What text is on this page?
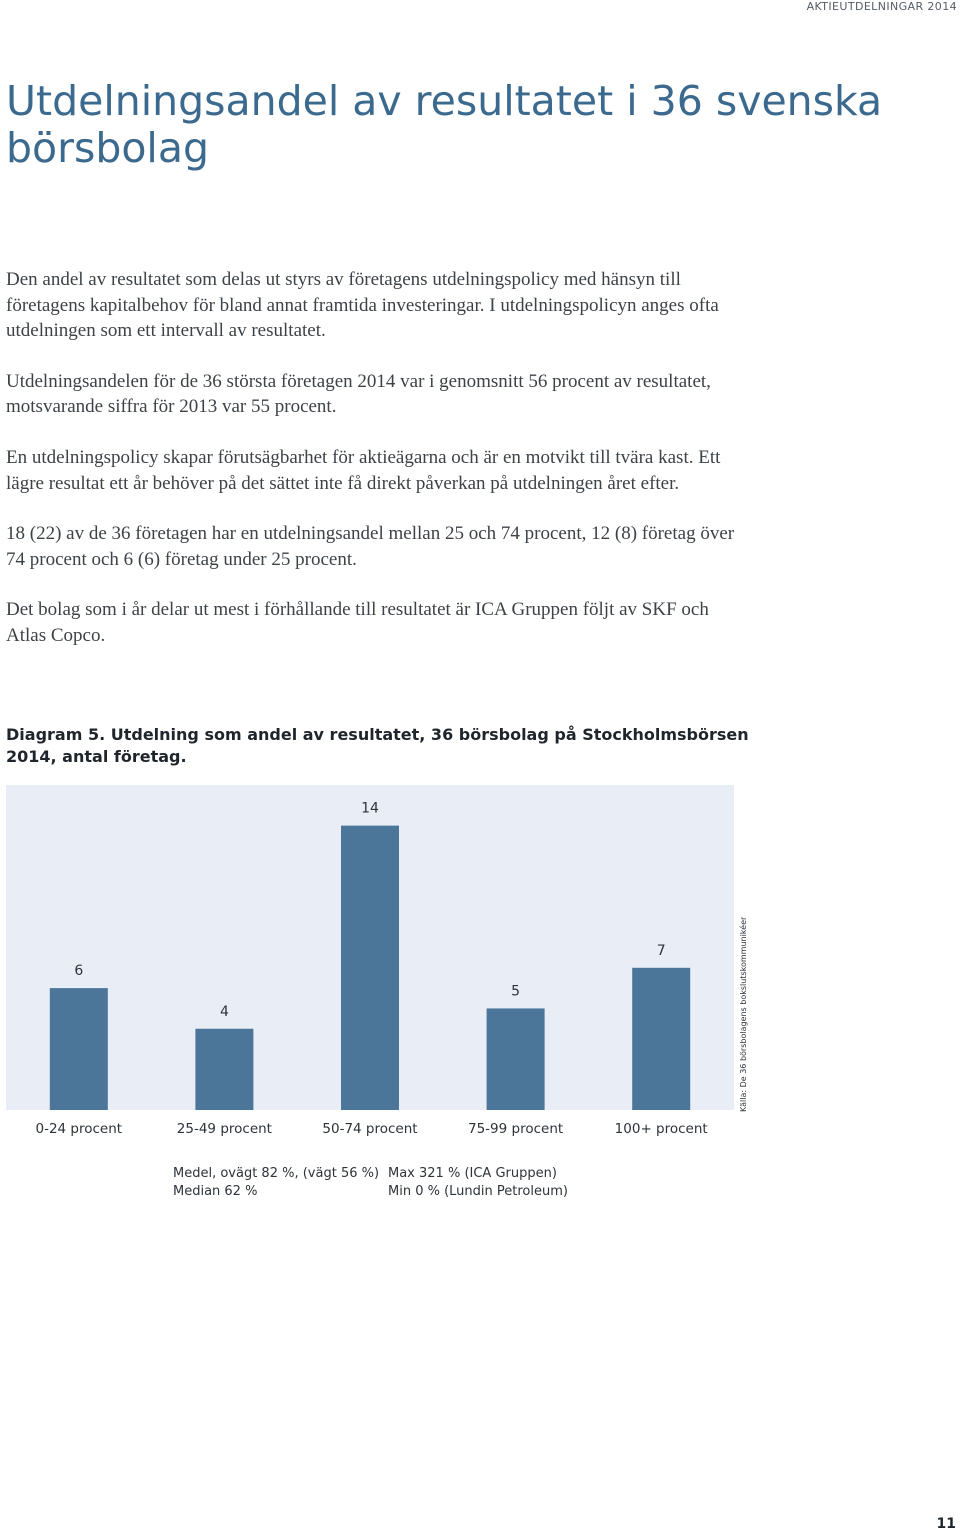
AKTIEUTDELNINGAR 2014
Utdelningsandel av resultatet i 36 svenska börsbolag

Den andel av resultatet som delas ut styrs av företagens utdelningspolicy med hänsyn till företagens kapitalbehov för bland annat framtida investeringar. I utdelningspolicyn anges ofta utdelningen som ett intervall av resultatet.

Utdelningsandelen för de 36 största företagen 2014 var i genomsnitt 56 procent av resultatet, motsvarande siffra för 2013 var 55 procent.

En utdelningspolicy skapar förutsägbarhet för aktieägarna och är en motvikt till tvära kast. Ett lägre resultat ett år behöver på det sättet inte få direkt påverkan på utdelningen året efter.

18 (22) av de 36 företagen har en utdelningsandel mellan 25 och 74 procent, 12 (8) företag över 74 procent och 6 (6) företag under 25 procent.

Det bolag som i år delar ut mest i förhållande till resultatet är ICA Gruppen följt av SKF och Atlas Copco.

Diagram 5. Utdelning som andel av resultatet, 36 börsbolag på Stockholmsbörsen 2014, antal företag.
6
4
14
5
7
0-24 procent	25-49 procent	50-74 procent	75-99 procent	100+ procent
Källa: De 36 börsbolagens bokslutskommunikéer
Medel, ovägt 82 %, (vägt 56 %)
Median 62 %
Max 321 % (ICA Gruppen)
Min 0 % (Lundin Petroleum)
11
